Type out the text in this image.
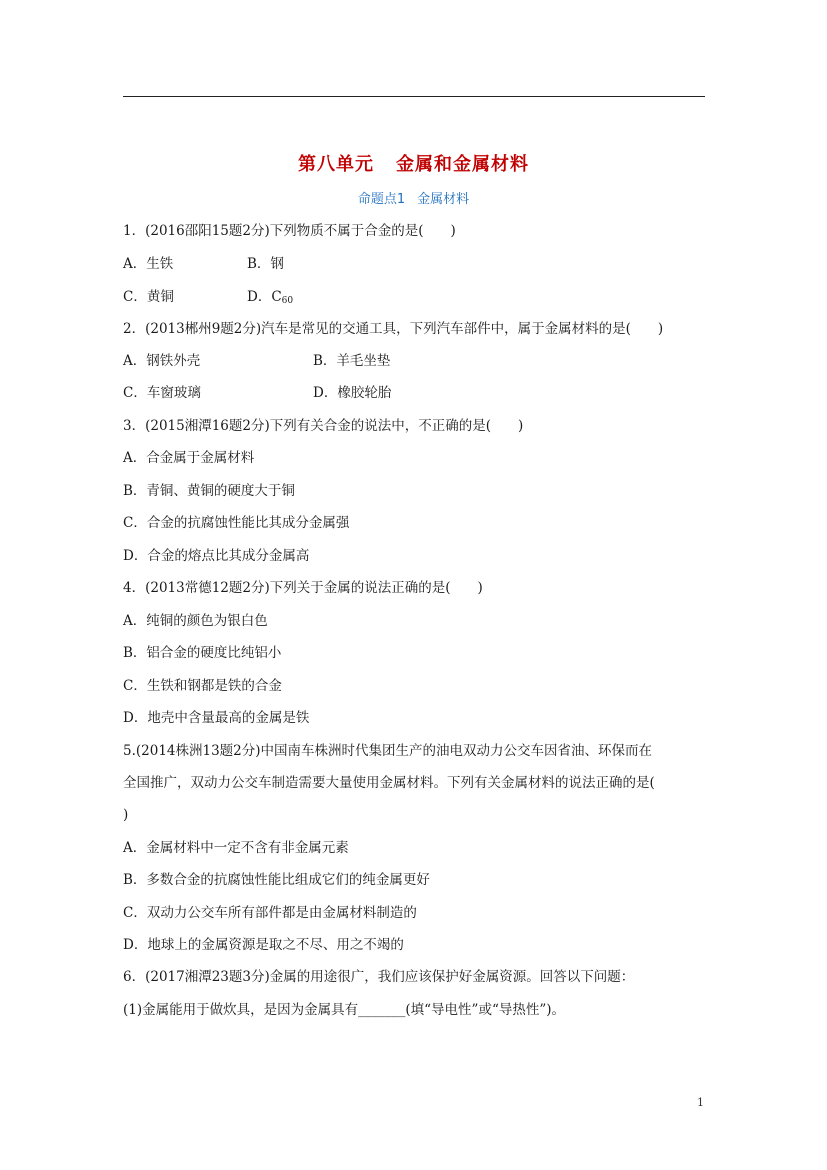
第八单元 金属和金属材料
命题点1 金属材料
1．(2016邵阳15题2分)下列物质不属于合金的是(　　)
A．生铁	B．钢
C．黄铜	D．$C_{60}$
2．(2013郴州9题2分)汽车是常见的交通工具，下列汽车部件中，属于金属材料的是(　　)
A．钢铁外壳	B．羊毛坐垫
C．车窗玻璃	D．橡胶轮胎
3．(2015湘潭16题2分)下列有关合金的说法中，不正确的是(　　)
A．合金属于金属材料
B．青铜、黄铜的硬度大于铜
C．合金的抗腐蚀性能比其成分金属强
D．合金的熔点比其成分金属高
4．(2013常德12题2分)下列关于金属的说法正确的是(　　)
A．纯铜的颜色为银白色
B．铝合金的硬度比纯铝小
C．生铁和钢都是铁的合金
D．地壳中含量最高的金属是铁
5.(2014株洲13题2分)中国南车株洲时代集团生产的油电双动力公交车因省油、环保而在
全国推广，双动力公交车制造需要大量使用金属材料。下列有关金属材料的说法正确的是(
)
A．金属材料中一定不含有非金属元素
B．多数合金的抗腐蚀性能比组成它们的纯金属更好
C．双动力公交车所有部件都是由金属材料制造的
D．地球上的金属资源是取之不尽、用之不竭的
6．(2017湘潭23题3分)金属的用途很广，我们应该保护好金属资源。回答以下问题：
(1)金属能用于做炊具，是因为金属具有_______(填“导电性”或“导热性”)。
1
